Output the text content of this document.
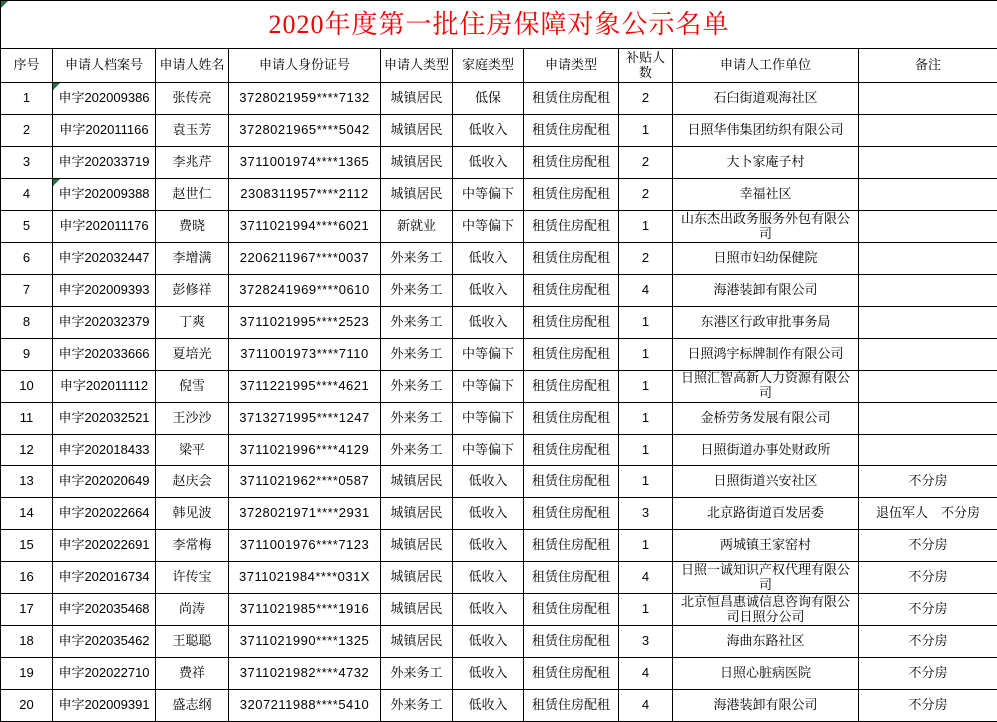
2020年度第一批住房保障对象公示名单									
序号	申请人档案号	申请人姓名	申请人身份证号	申请人类型	家庭类型	申请类型	补贴人数	申请人工作单位	备注
1	申字202009386	张传亮	3728021959****7132	城镇居民	低保	租赁住房配租	2	石臼街道观海社区	
2	申字202011166	袁玉芳	3728021965****5042	城镇居民	低收入	租赁住房配租	1	日照华伟集团纺织有限公司	
3	申字202033719	李兆芹	3711001974****1365	城镇居民	低收入	租赁住房配租	2	大卜家庵子村	
4	申字202009388	赵世仁	2308311957****2112	城镇居民	中等偏下	租赁住房配租	2	幸福社区	
5	申字202011176	费晓	3711021994****6021	新就业	中等偏下	租赁住房配租	1	山东杰出政务服务外包有限公司	
6	申字202032447	李增满	2206211967****0037	外来务工	低收入	租赁住房配租	2	日照市妇幼保健院	
7	申字202009393	彭修祥	3728241969****0610	外来务工	低收入	租赁住房配租	4	海港装卸有限公司	
8	申字202032379	丁爽	3711021995****2523	外来务工	低收入	租赁住房配租	1	东港区行政审批事务局	
9	申字202033666	夏培光	3711001973****7110	外来务工	中等偏下	租赁住房配租	1	日照鸿宇标牌制作有限公司	
10	申字202011112	倪雪	3711221995****4621	外来务工	中等偏下	租赁住房配租	1	日照汇智高新人力资源有限公司	
11	申字202032521	王沙沙	3713271995****1247	外来务工	中等偏下	租赁住房配租	1	金桥劳务发展有限公司	
12	申字202018433	梁平	3711021996****4129	外来务工	中等偏下	租赁住房配租	1	日照街道办事处财政所	
13	申字202020649	赵庆会	3711021962****0587	城镇居民	低收入	租赁住房配租	1	日照街道兴安社区	不分房
14	申字202022664	韩见波	3728021971****2931	城镇居民	低收入	租赁住房配租	3	北京路街道百发居委	退伍军人　不分房
15	申字202022691	李常梅	3711001976****7123	城镇居民	低收入	租赁住房配租	1	两城镇王家窑村	不分房
16	申字202016734	许传宝	3711021984****031X	城镇居民	低收入	租赁住房配租	4	日照一诚知识产权代理有限公司	不分房
17	申字202035468	尚涛	3711021985****1916	城镇居民	低收入	租赁住房配租	1	北京恒昌惠诚信息咨询有限公司日照分公司	不分房
18	申字202035462	王聪聪	3711021990****1325	城镇居民	低收入	租赁住房配租	3	海曲东路社区	不分房
19	申字202022710	费祥	3711021982****4732	外来务工	低收入	租赁住房配租	4	日照心脏病医院	不分房
20	申字202009391	盛志纲	3207211988****5410	外来务工	低收入	租赁住房配租	4	海港装卸有限公司	不分房
